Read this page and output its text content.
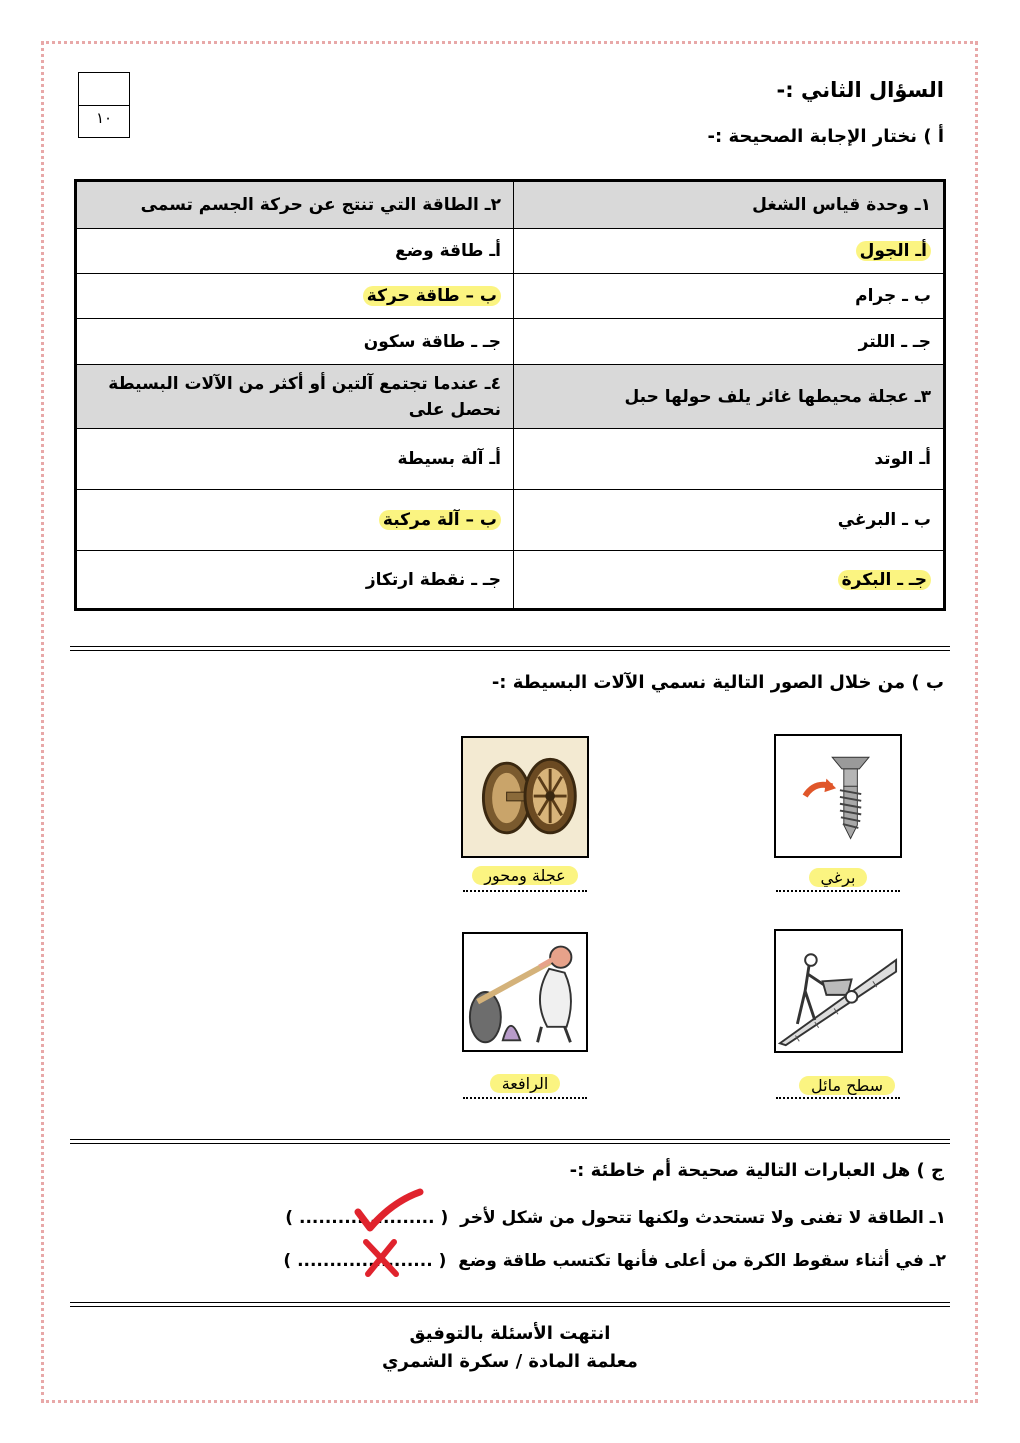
١٠
السؤال الثاني :-
أ ) نختار الإجابة الصحيحة :-
٢ـ الطاقة التي تنتج عن حركة الجسم تسمى	١ـ وحدة قياس الشغل
أـ طاقة وضع	أـ الجول
ب – طاقة حركة	ب ـ جرام
جـ ـ طاقة سكون	جـ ـ اللتر

٤ـ عندما تجتمع آلتين أو أكثر من الآلات البسيطة
نحصل على	٣ـ عجلة محيطها غائر يلف حولها حبل
أـ آلة بسيطة	أـ الوتد
ب – آلة مركبة	ب ـ البرغي
جـ ـ نقطة ارتكاز	جـ ـ البكرة
ب ) من خلال الصور التالية نسمي الآلات البسيطة :-
برغي
عجلة ومحور
سطح مائل
الرافعة
ج ) هل العبارات التالية صحيحة أم خاطئة :-
١ـ الطاقة لا تفنى ولا تستحدث ولكنها تتحول من شكل لأخر  ( ..................... )
٢ـ في أثناء سقوط الكرة من أعلى فأنها تكتسب طاقة وضع  ( ..................... )
انتهت الأسئلة بالتوفيق
معلمة المادة / سكرة الشمري
